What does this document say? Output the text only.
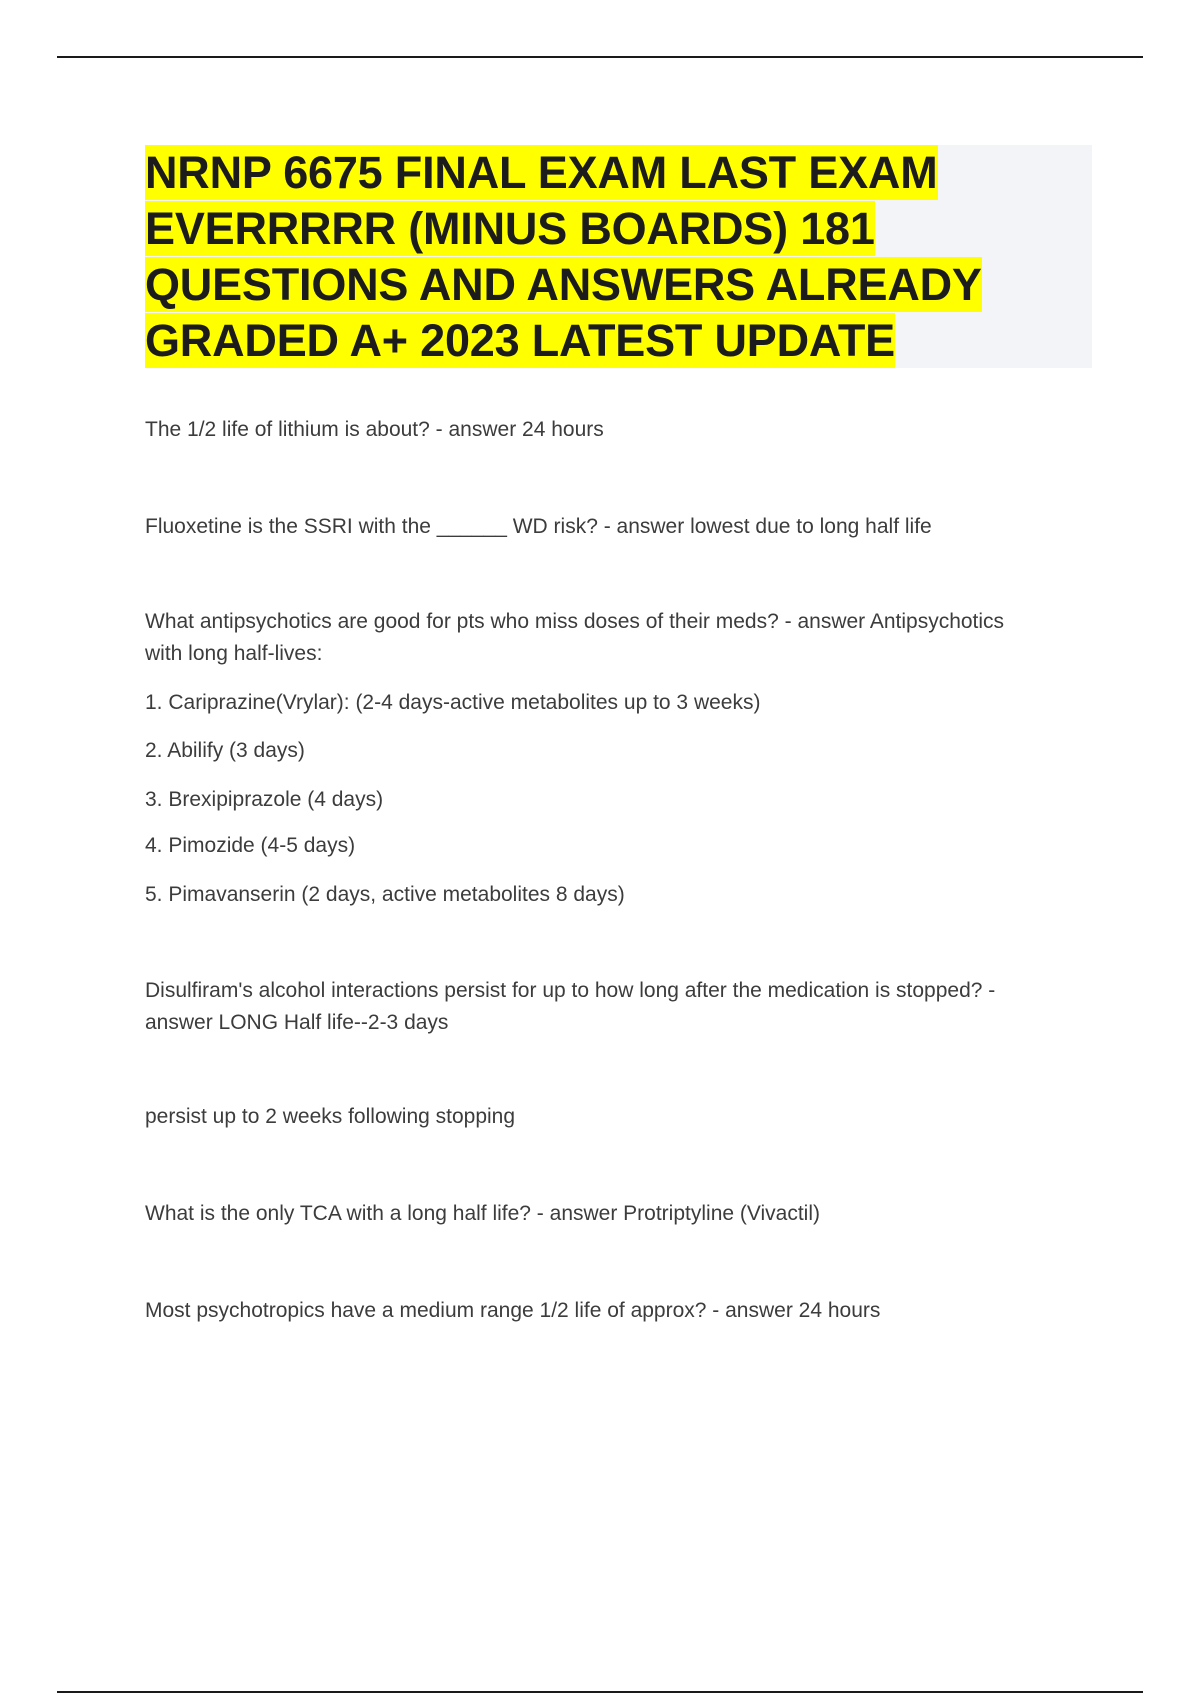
NRNP 6675 FINAL EXAM LAST EXAM
EVERRRRR (MINUS BOARDS) 181
QUESTIONS AND ANSWERS ALREADY
GRADED A+ 2023 LATEST UPDATE
The 1/2 life of lithium is about? - answer 24 hours
Fluoxetine is the SSRI with the ______ WD risk? - answer lowest due to long half life
What antipsychotics are good for pts who miss doses of their meds? - answer Antipsychotics
with long half-lives:
1. Cariprazine(Vrylar): (2-4 days-active metabolites up to 3 weeks)
2. Abilify (3 days)
3. Brexipiprazole (4 days)
4. Pimozide (4-5 days)
5. Pimavanserin (2 days, active metabolites 8 days)
Disulfiram's alcohol interactions persist for up to how long after the medication is stopped? -
answer LONG Half life--2-3 days
persist up to 2 weeks following stopping
What is the only TCA with a long half life? - answer Protriptyline (Vivactil)
Most psychotropics have a medium range 1/2 life of approx? - answer 24 hours
